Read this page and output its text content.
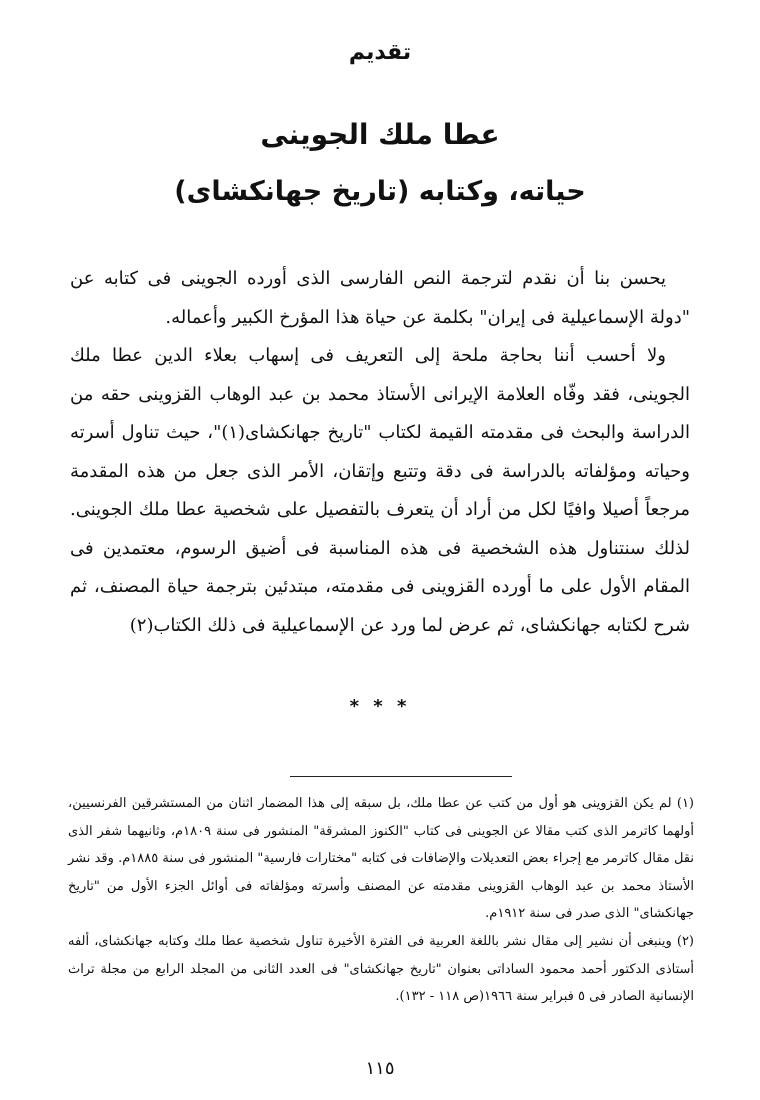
تقديم
عطا ملك الجوينى
حياته، وكتابه (تاريخ جهانكشاى)

يحسن بنا أن نقدم لترجمة النص الفارسى الذى أورده الجوينى فى كتابه عن "دولة الإسماعيلية فى إيران" بكلمة عن حياة هذا المؤرخ الكبير وأعماله.

ولا أحسب أننا بحاجة ملحة إلى التعريف فى إسهاب بعلاء الدين عطا ملك الجوينى، فقد وفّاه العلامة الإيرانى الأستاذ محمد بن عبد الوهاب القزوينى حقه من الدراسة والبحث فى مقدمته القيمة لكتاب "تاريخ جهانكشاى(١)"، حيث تناول أسرته وحياته ومؤلفاته بالدراسة فى دقة وتتبع وإتقان، الأمر الذى جعل من هذه المقدمة مرجعاً أصيلا وافيًا لكل من أراد أن يتعرف بالتفصيل على شخصية عطا ملك الجوينى. لذلك سنتناول هذه الشخصية فى هذه المناسبة فى أضيق الرسوم، معتمدين فى المقام الأول على ما أورده القزوينى فى مقدمته، مبتدئين بترجمة حياة المصنف، ثم شرح لكتابه جهانكشاى، ثم عرض لما ورد عن الإسماعيلية فى ذلك الكتاب(٢)

* * *

(١) لم يكن القزوينى هو أول من كتب عن عطا ملك، بل سبقه إلى هذا المضمار اثنان من المستشرقين الفرنسيين، أولهما كاترمر الذى كتب مقالا عن الجوينى فى كتاب "الكنوز المشرقة" المنشور فى سنة ١٨٠٩م، وثانيهما شفر الذى نقل مقال كاترمر مع إجراء بعض التعديلات والإضافات فى كتابه "مختارات فارسية" المنشور فى سنة ١٨٨٥م. وقد نشر الأستاذ محمد بن عبد الوهاب القزوينى مقدمته عن المصنف وأسرته ومؤلفاته فى أوائل الجزء الأول من "تاريخ جهانكشاى" الذى صدر فى سنة ١٩١٢م.

(٢) وينبغى أن نشير إلى مقال نشر باللغة العربية فى الفترة الأخيرة تناول شخصية عطا ملك وكتابه جهانكشاى، ألفه أستاذى الدكتور أحمد محمود الساداتى بعنوان "تاريخ جهانكشاى" فى العدد الثانى من المجلد الرابع من مجلة تراث الإنسانية الصادر فى ٥ فبراير سنة ١٩٦٦(ص ١١٨ - ١٣٢).

١١٥
